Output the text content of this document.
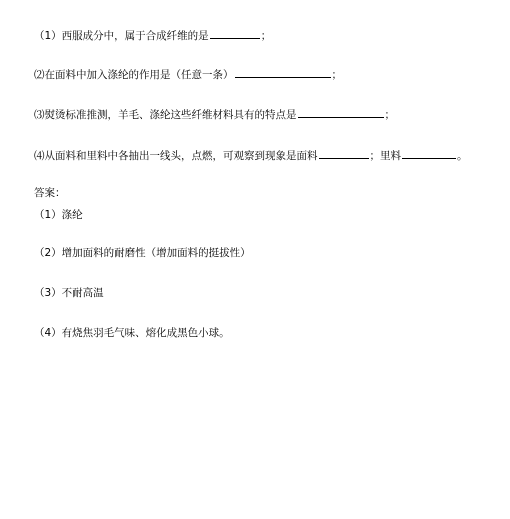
（1）西服成分中，属于合成纤维的是	；
⑵在面料中加入涤纶的作用是（任意一条）	；
⑶熨烫标准推测，羊毛、涤纶这些纤维材料具有的特点是	；
⑷从面料和里料中各抽出一线头，点燃，可观察到现象是面料	；里料	。
答案：
（1）涤纶
（2）增加面料的耐磨性（增加面料的挺拔性）
（3）不耐高温
（4）有烧焦羽毛气味、熔化成黑色小球。
